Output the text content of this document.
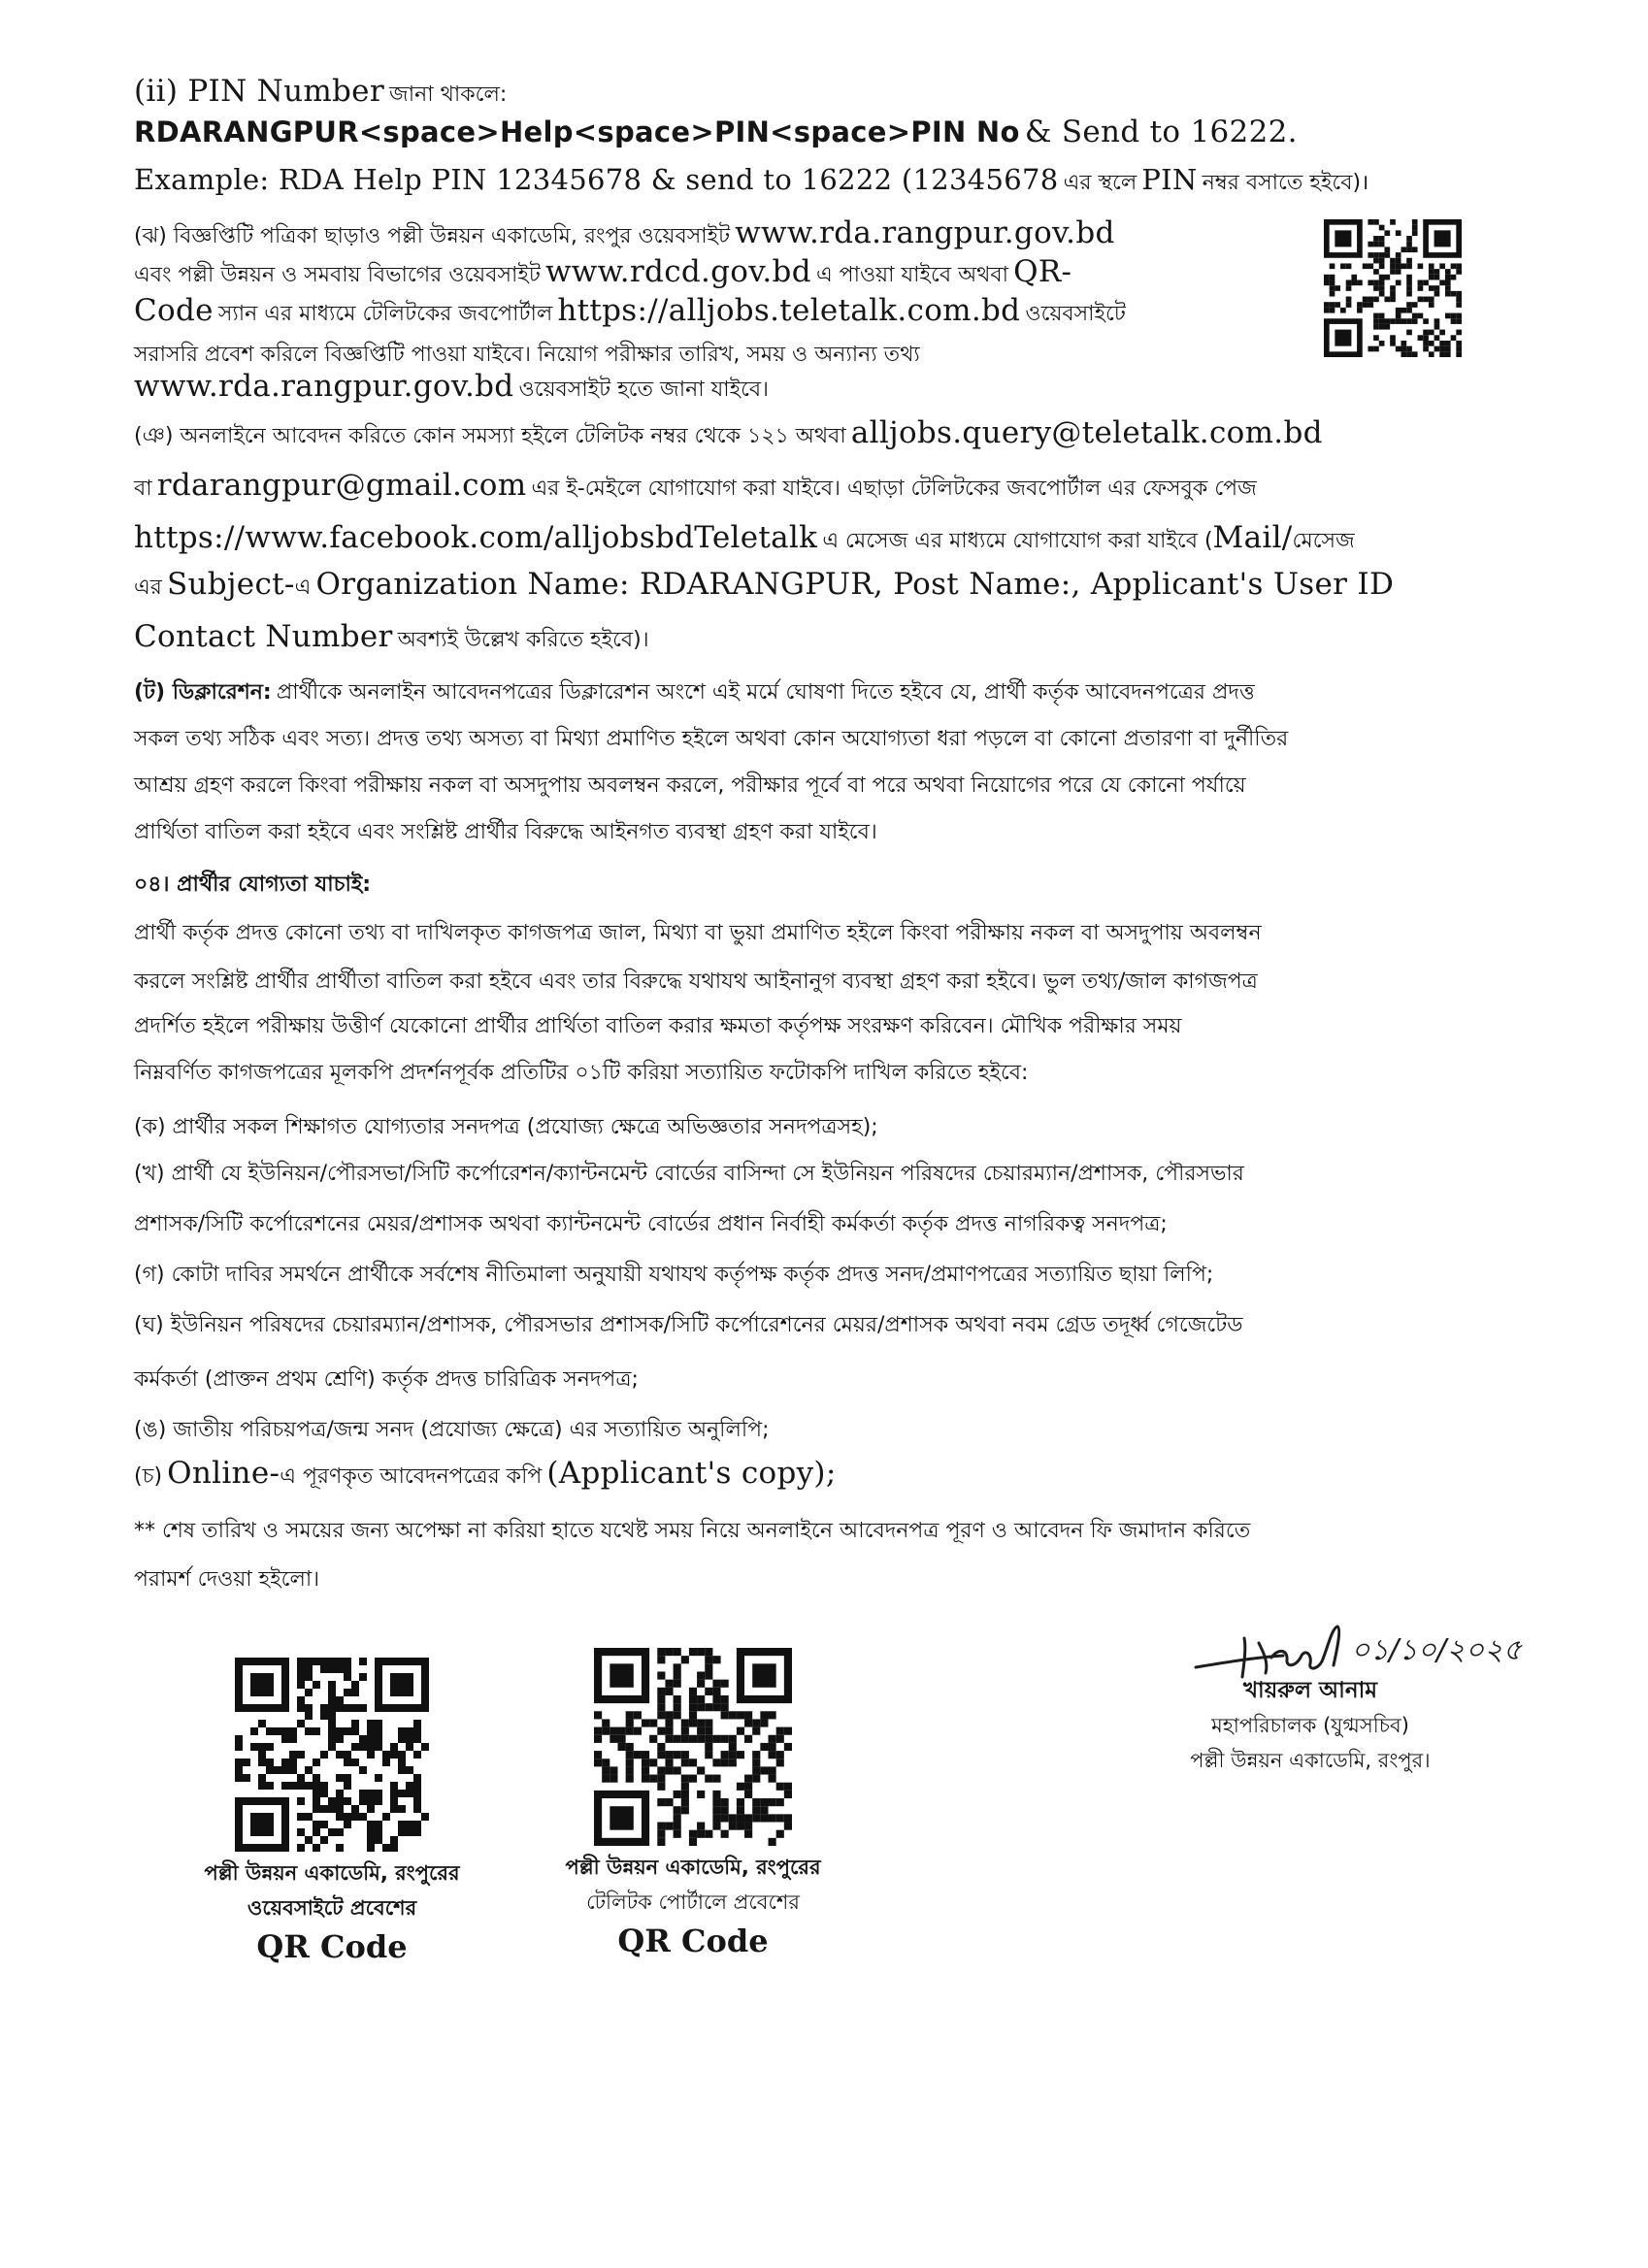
(ii) PIN Number জানা থাকলে:
RDARANGPUR<space>Help<space>PIN<space>PIN No & Send to 16222.
Example: RDA Help PIN 12345678 & send to 16222 (12345678 এর স্থলে PIN নম্বর বসাতে হইবে)।
(ঝ) বিজ্ঞপ্তিটি পত্রিকা ছাড়াও পল্লী উন্নয়ন একাডেমি, রংপুর ওয়েবসাইট www.rda.rangpur.gov.bd
এবং পল্লী উন্নয়ন ও সমবায় বিভাগের ওয়েবসাইট www.rdcd.gov.bd এ পাওয়া যাইবে অথবা QR-
Code স্যান এর মাধ্যমে টেলিটকের জবপোর্টাল https://alljobs.teletalk.com.bd ওয়েবসাইটে
সরাসরি প্রবেশ করিলে বিজ্ঞপ্তিটি পাওয়া যাইবে। নিয়োগ পরীক্ষার তারিখ, সময় ও অন্যান্য তথ্য
www.rda.rangpur.gov.bd ওয়েবসাইট হতে জানা যাইবে।
(ঞ) অনলাইনে আবেদন করিতে কোন সমস্যা হইলে টেলিটক নম্বর থেকে ১২১ অথবা alljobs.query@teletalk.com.bd
বা rdarangpur@gmail.com এর ই-মেইলে যোগাযোগ করা যাইবে। এছাড়া টেলিটকের জবপোর্টাল এর ফেসবুক পেজ
https://www.facebook.com/alljobsbdTeletalk এ মেসেজ এর মাধ্যমে যোগাযোগ করা যাইবে (Mail/মেসেজ
এর Subject-এ Organization Name: RDARANGPUR, Post Name:, Applicant's User ID
Contact Number অবশ্যই উল্লেখ করিতে হইবে)।
(ট) ডিক্লারেশন: প্রার্থীকে অনলাইন আবেদনপত্রের ডিক্লারেশন অংশে এই মর্মে ঘোষণা দিতে হইবে যে, প্রার্থী কর্তৃক আবেদনপত্রের প্রদত্ত
সকল তথ্য সঠিক এবং সত্য। প্রদত্ত তথ্য অসত্য বা মিথ্যা প্রমাণিত হইলে অথবা কোন অযোগ্যতা ধরা পড়লে বা কোনো প্রতারণা বা দুর্নীতির
আশ্রয় গ্রহণ করলে কিংবা পরীক্ষায় নকল বা অসদুপায় অবলম্বন করলে, পরীক্ষার পূর্বে বা পরে অথবা নিয়োগের পরে যে কোনো পর্যায়ে
প্রার্থিতা বাতিল করা হইবে এবং সংশ্লিষ্ট প্রার্থীর বিরুদ্ধে আইনগত ব্যবস্থা গ্রহণ করা যাইবে।
০৪। প্রার্থীর যোগ্যতা যাচাই:
প্রার্থী কর্তৃক প্রদত্ত কোনো তথ্য বা দাখিলকৃত কাগজপত্র জাল, মিথ্যা বা ভুয়া প্রমাণিত হইলে কিংবা পরীক্ষায় নকল বা অসদুপায় অবলম্বন
করলে সংশ্লিষ্ট প্রার্থীর প্রার্থীতা বাতিল করা হইবে এবং তার বিরুদ্ধে যথাযথ আইনানুগ ব্যবস্থা গ্রহণ করা হইবে। ভুল তথ্য/জাল কাগজপত্র
প্রদর্শিত হইলে পরীক্ষায় উত্তীর্ণ যেকোনো প্রার্থীর প্রার্থিতা বাতিল করার ক্ষমতা কর্তৃপক্ষ সংরক্ষণ করিবেন। মৌখিক পরীক্ষার সময়
নিম্নবর্ণিত কাগজপত্রের মূলকপি প্রদর্শনপূর্বক প্রতিটির ০১টি করিয়া সত্যায়িত ফটোকপি দাখিল করিতে হইবে:
(ক) প্রার্থীর সকল শিক্ষাগত যোগ্যতার সনদপত্র (প্রযোজ্য ক্ষেত্রে অভিজ্ঞতার সনদপত্রসহ);
(খ) প্রার্থী যে ইউনিয়ন/পৌরসভা/সিটি কর্পোরেশন/ক্যান্টনমেন্ট বোর্ডের বাসিন্দা সে ইউনিয়ন পরিষদের চেয়ারম্যান/প্রশাসক, পৌরসভার
প্রশাসক/সিটি কর্পোরেশনের মেয়র/প্রশাসক অথবা ক্যান্টনমেন্ট বোর্ডের প্রধান নির্বাহী কর্মকর্তা কর্তৃক প্রদত্ত নাগরিকত্ব সনদপত্র;
(গ) কোটা দাবির সমর্থনে প্রার্থীকে সর্বশেষ নীতিমালা অনুযায়ী যথাযথ কর্তৃপক্ষ কর্তৃক প্রদত্ত সনদ/প্রমাণপত্রের সত্যায়িত ছায়া লিপি;
(ঘ) ইউনিয়ন পরিষদের চেয়ারম্যান/প্রশাসক, পৌরসভার প্রশাসক/সিটি কর্পোরেশনের মেয়র/প্রশাসক অথবা নবম গ্রেড তদূর্ধ্ব গেজেটেড
কর্মকর্তা (প্রাক্তন প্রথম শ্রেণি) কর্তৃক প্রদত্ত চারিত্রিক সনদপত্র;
(ঙ) জাতীয় পরিচয়পত্র/জন্ম সনদ (প্রযোজ্য ক্ষেত্রে) এর সত্যায়িত অনুলিপি;
(চ) Online-এ পূরণকৃত আবেদনপত্রের কপি (Applicant's copy);
** শেষ তারিখ ও সময়ের জন্য অপেক্ষা না করিয়া হাতে যথেষ্ট সময় নিয়ে অনলাইনে আবেদনপত্র পূরণ ও আবেদন ফি জমাদান করিতে
পরামর্শ দেওয়া হইলো।
পল্লী উন্নয়ন একাডেমি, রংপুরের
ওয়েবসাইটে প্রবেশের
QR Code
পল্লী উন্নয়ন একাডেমি, রংপুরের
টেলিটক পোর্টালে প্রবেশের
QR Code
০১/১০/২০২৫
খায়রুল আনাম
মহাপরিচালক (যুগ্মসচিব)
পল্লী উন্নয়ন একাডেমি, রংপুর।
